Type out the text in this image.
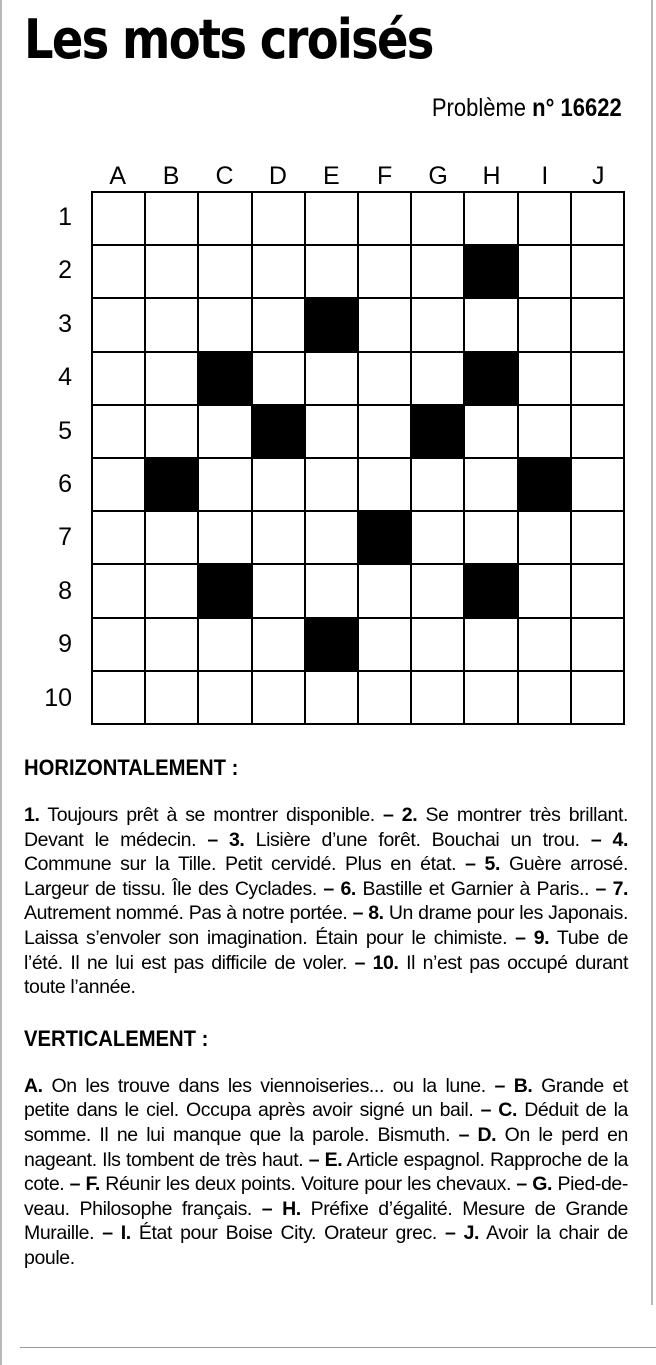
Les mots croisés
Problème n° 16622
A	B	C	D	E	F	G	H	I	J
1
2
3
4
5
6
7
8
9
10
HORIZONTALEMENT :

1. Toujours prêt à se montrer disponible. – 2. Se montrer très brillant. Devant le médecin. – 3. Lisière d’une forêt. Bouchai un trou. – 4. Commune sur la Tille. Petit cervidé. Plus en état. – 5. Guère arrosé. Largeur de tissu. Île des Cyclades. – 6. Bastille et Garnier à Paris.. – 7. Autrement nommé. Pas à notre portée. – 8. Un drame pour les Japonais. Laissa s’envoler son imagination. Étain pour le chimiste. – 9. Tube de l’été. Il ne lui est pas difficile de voler. – 10. Il n’est pas occupé durant toute l’année.

VERTICALEMENT :

A. On les trouve dans les viennoiseries... ou la lune. – B. Grande et petite dans le ciel. Occupa après avoir signé un bail. – C. Déduit de la somme. Il ne lui manque que la parole. Bismuth. – D. On le perd en nageant. Ils tombent de très haut. – E. Article espagnol. Rapproche de la cote. – F. Réunir les deux points. Voiture pour les chevaux. – G. Pied-de-veau. Philosophe français. – H. Préfixe d’égalité. Mesure de Grande Muraille. – I. État pour Boise City. Orateur grec. – J. Avoir la chair de poule.
